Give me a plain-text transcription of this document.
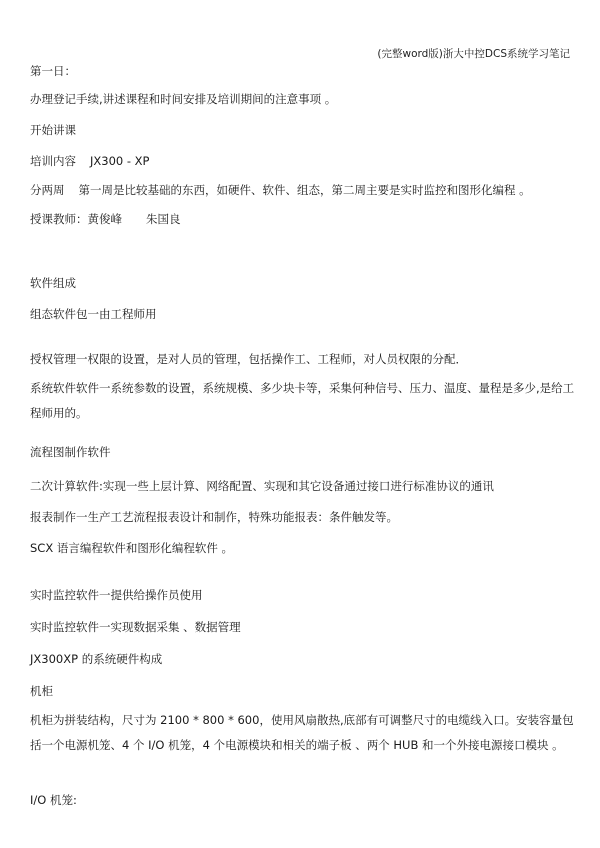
(完整word版)浙大中控DCS系统学习笔记
第一日：
办理登记手续,讲述课程和时间安排及培训期间的注意事项 。
开始讲课
培训内容 JX300 - XP
分两周 第一周是比较基础的东西，如硬件、软件、组态，第二周主要是实时监控和图形化编程 。
授课教师：黄俊峰 朱国良
软件组成
组态软件包一由工程师用
授权管理一权限的设置，是对人员的管理，包括操作工、工程师，对人员权限的分配．
系统软件软件一系统参数的设置，系统规模、多少块卡等，采集何种信号、压力、温度、量程是多少,是给工程师用的。
流程图制作软件
二次计算软件:实现一些上层计算、网络配置、实现和其它设备通过接口进行标准协议的通讯
报表制作一生产工艺流程报表设计和制作，特殊功能报表：条件触发等。
SCX 语言编程软件和图形化编程软件 。
实时监控软件一提供给操作员使用
实时监控软件一实现数据采集 、数据管理
JX300XP 的系统硬件构成
机柜
机柜为拼装结构，尺寸为 2100 * 800 * 600，使用风扇散热,底部有可调整尺寸的电缆线入口。安装容量包括一个电源机笼、4 个 I/O 机笼，4 个电源模块和相关的端子板 、两个 HUB 和一个外接电源接口模块 。
I/O 机笼:
